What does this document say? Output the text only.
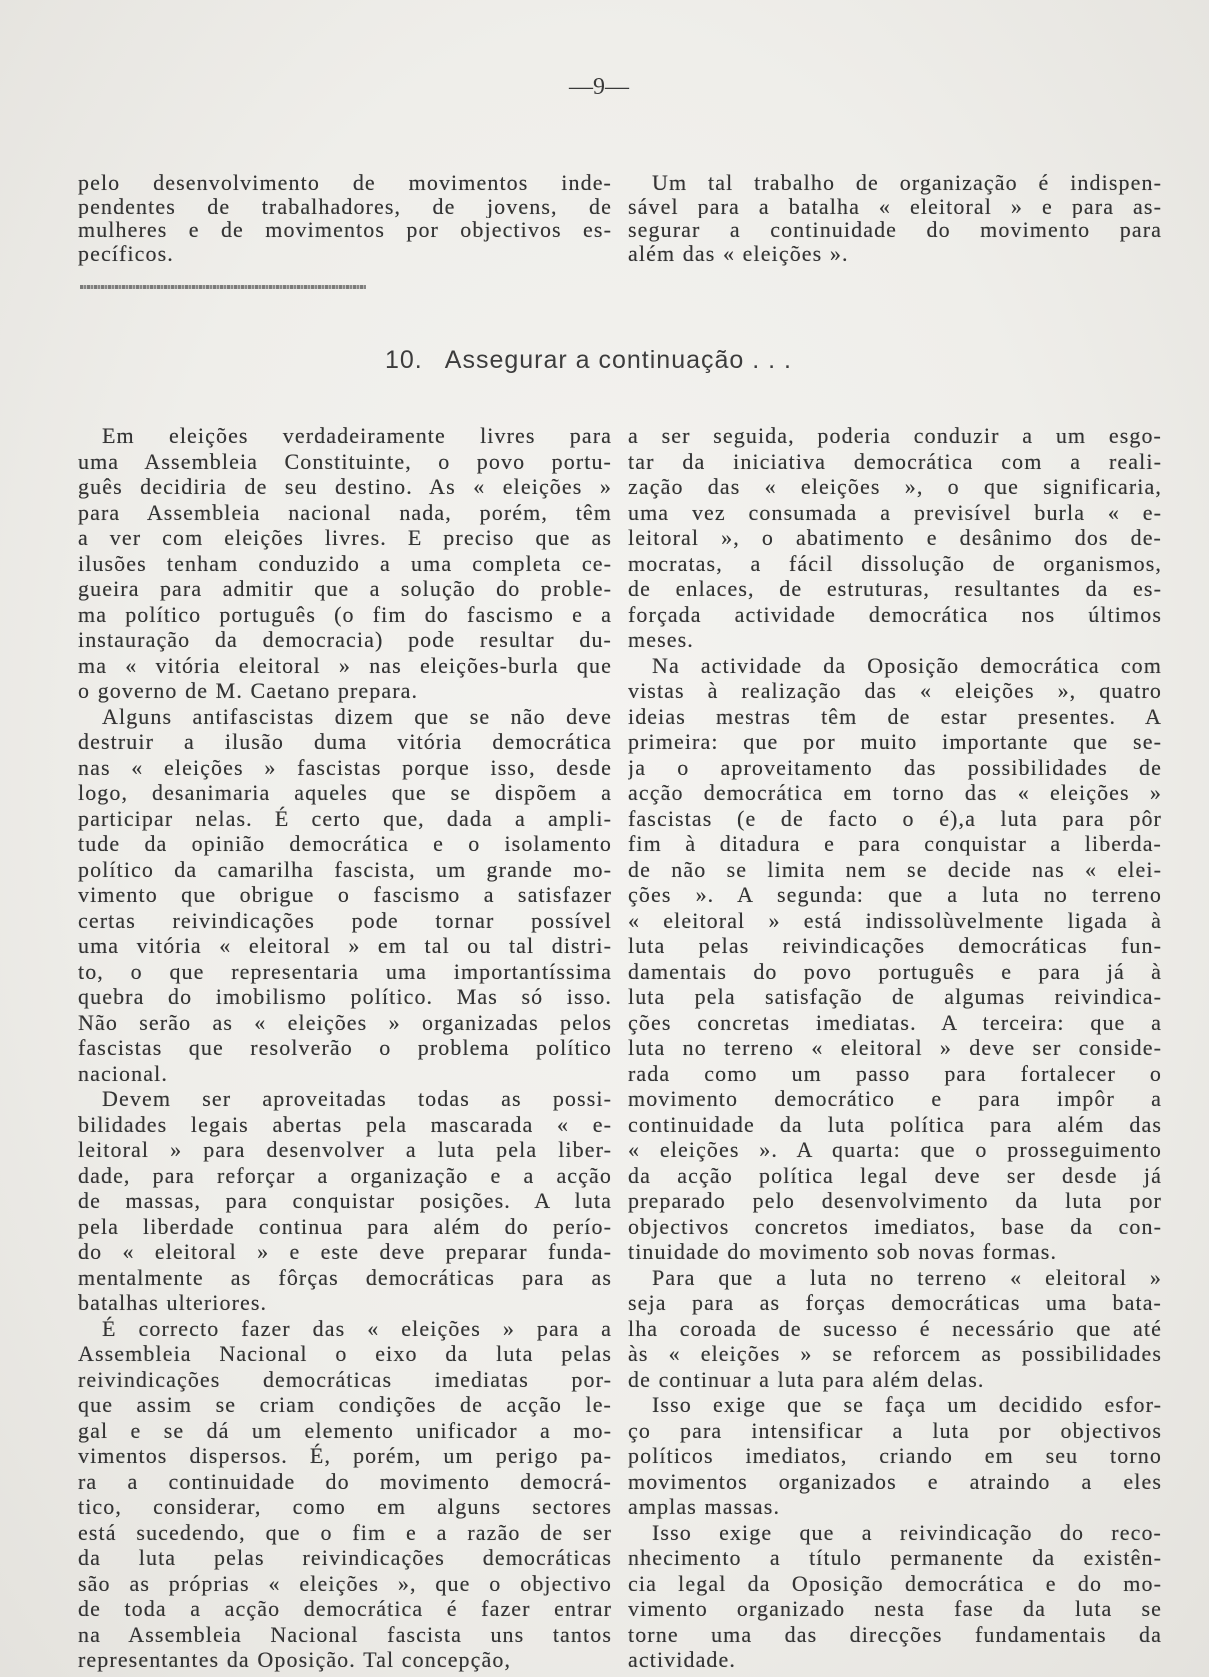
—9—
pelo desenvolvimento de movimentos inde-
pendentes de trabalhadores, de jovens, de
mulheres e de movimentos por objectivos es-
pecíficos.
Um tal trabalho de organização é indispen-
sável para a batalha « eleitoral » e para as-
segurar a continuidade do movimento para
além das « eleições ».
10. Assegurar a continuação . . .
Em eleições verdadeiramente livres para
uma Assembleia Constituinte, o povo portu-
guês decidiria de seu destino. As « eleições »
para Assembleia nacional nada, porém, têm
a ver com eleições livres. E preciso que as
ilusões tenham conduzido a uma completa ce-
gueira para admitir que a solução do proble-
ma político português (o fim do fascismo e a
instauração da democracia) pode resultar du-
ma « vitória eleitoral » nas eleições-burla que
o governo de M. Caetano prepara.
Alguns antifascistas dizem que se não deve
destruir a ilusão duma vitória democrática
nas « eleições » fascistas porque isso, desde
logo, desanimaria aqueles que se dispõem a
participar nelas. É certo que, dada a ampli-
tude da opinião democrática e o isolamento
político da camarilha fascista, um grande mo-
vimento que obrigue o fascismo a satisfazer
certas reivindicações pode tornar possível
uma vitória « eleitoral » em tal ou tal distri-
to, o que representaria uma importantíssima
quebra do imobilismo político. Mas só isso.
Não serão as « eleições » organizadas pelos
fascistas que resolverão o problema político
nacional.
Devem ser aproveitadas todas as possi-
bilidades legais abertas pela mascarada « e-
leitoral » para desenvolver a luta pela liber-
dade, para reforçar a organização e a acção
de massas, para conquistar posições. A luta
pela liberdade continua para além do perío-
do « eleitoral » e este deve preparar funda-
mentalmente as fôrças democráticas para as
batalhas ulteriores.
É correcto fazer das « eleições » para a
Assembleia Nacional o eixo da luta pelas
reivindicações democráticas imediatas por-
que assim se criam condições de acção le-
gal e se dá um elemento unificador a mo-
vimentos dispersos. É, porém, um perigo pa-
ra a continuidade do movimento democrá-
tico, considerar, como em alguns sectores
está sucedendo, que o fim e a razão de ser
da luta pelas reivindicações democráticas
são as próprias « eleições », que o objectivo
de toda a acção democrática é fazer entrar
na Assembleia Nacional fascista uns tantos
representantes da Oposição. Tal concepção,
a ser seguida, poderia conduzir a um esgo-
tar da iniciativa democrática com a reali-
zação das « eleições », o que significaria,
uma vez consumada a previsível burla « e-
leitoral », o abatimento e desânimo dos de-
mocratas, a fácil dissolução de organismos,
de enlaces, de estruturas, resultantes da es-
forçada actividade democrática nos últimos
meses.
Na actividade da Oposição democrática com
vistas à realização das « eleições », quatro
ideias mestras têm de estar presentes. A
primeira: que por muito importante que se-
ja o aproveitamento das possibilidades de
acção democrática em torno das « eleições »
fascistas (e de facto o é),a luta para pôr
fim à ditadura e para conquistar a liberda-
de não se limita nem se decide nas « elei-
ções ». A segunda: que a luta no terreno
« eleitoral » está indissolùvelmente ligada à
luta pelas reivindicações democráticas fun-
damentais do povo português e para já à
luta pela satisfação de algumas reivindica-
ções concretas imediatas. A terceira: que a
luta no terreno « eleitoral » deve ser conside-
rada como um passo para fortalecer o
movimento democrático e para impôr a
continuidade da luta política para além das
« eleições ». A quarta: que o prosseguimento
da acção política legal deve ser desde já
preparado pelo desenvolvimento da luta por
objectivos concretos imediatos, base da con-
tinuidade do movimento sob novas formas.
Para que a luta no terreno « eleitoral »
seja para as forças democráticas uma bata-
lha coroada de sucesso é necessário que até
às « eleições » se reforcem as possibilidades
de continuar a luta para além delas.
Isso exige que se faça um decidido esfor-
ço para intensificar a luta por objectivos
políticos imediatos, criando em seu torno
movimentos organizados e atraindo a eles
amplas massas.
Isso exige que a reivindicação do reco-
nhecimento a título permanente da existên-
cia legal da Oposição democrática e do mo-
vimento organizado nesta fase da luta se
torne uma das direcções fundamentais da
actividade.
